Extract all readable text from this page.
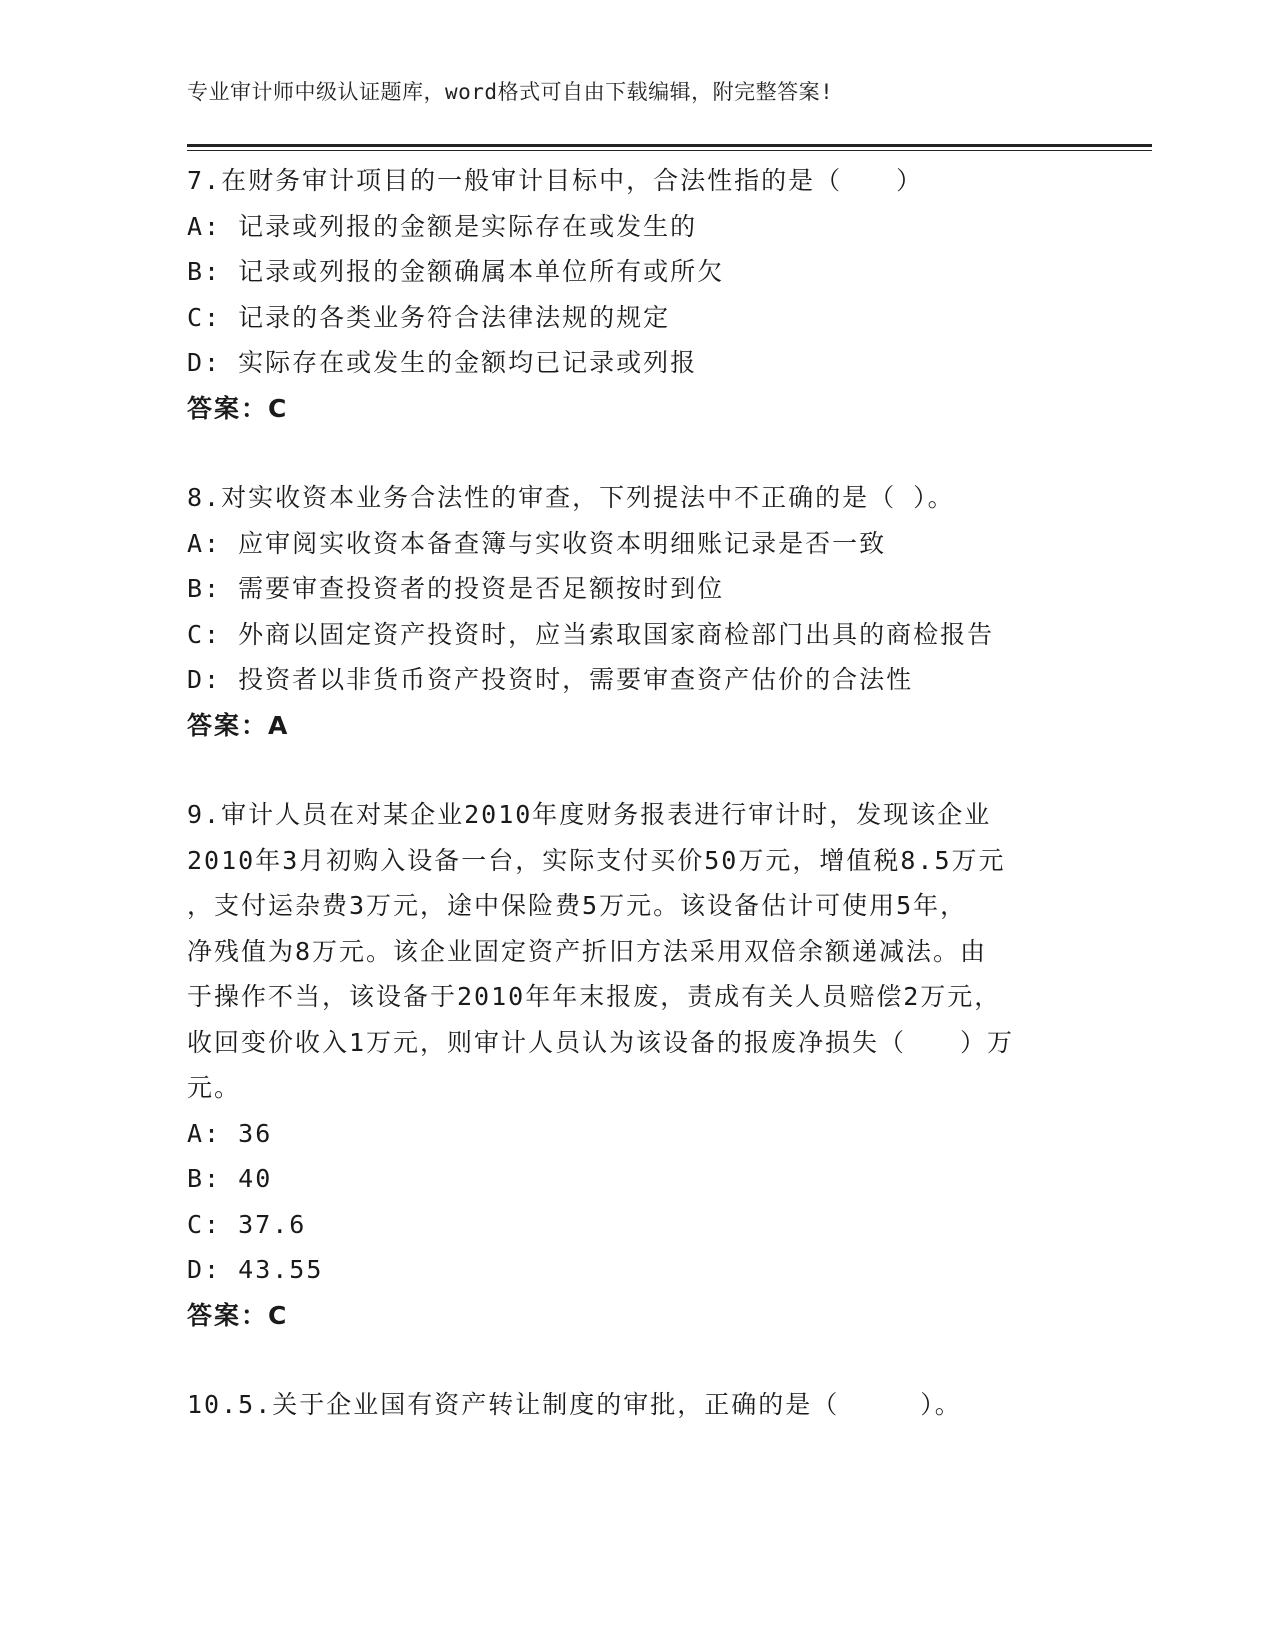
专业审计师中级认证题库，word格式可自由下载编辑，附完整答案!
7.在财务审计项目的一般审计目标中，合法性指的是（　　）
A: 记录或列报的金额是实际存在或发生的
B: 记录或列报的金额确属本单位所有或所欠
C: 记录的各类业务符合法律法规的规定
D: 实际存在或发生的金额均已记录或列报
答案：C
8.对实收资本业务合法性的审查，下列提法中不正确的是（ ）。
A: 应审阅实收资本备查簿与实收资本明细账记录是否一致
B: 需要审查投资者的投资是否足额按时到位
C: 外商以固定资产投资时，应当索取国家商检部门出具的商检报告
D: 投资者以非货币资产投资时，需要审查资产估价的合法性
答案：A
9.审计人员在对某企业2010年度财务报表进行审计时，发现该企业
2010年3月初购入设备一台，实际支付买价50万元，增值税8.5万元
，支付运杂费3万元，途中保险费5万元。该设备估计可使用5年，
净残值为8万元。该企业固定资产折旧方法采用双倍余额递减法。由
于操作不当，该设备于2010年年末报废，责成有关人员赔偿2万元，
收回变价收入1万元，则审计人员认为该设备的报废净损失（　　）万
元。
A: 36
B: 40
C: 37.6
D: 43.55
答案：C
10.5.关于企业国有资产转让制度的审批，正确的是（　　　）。
